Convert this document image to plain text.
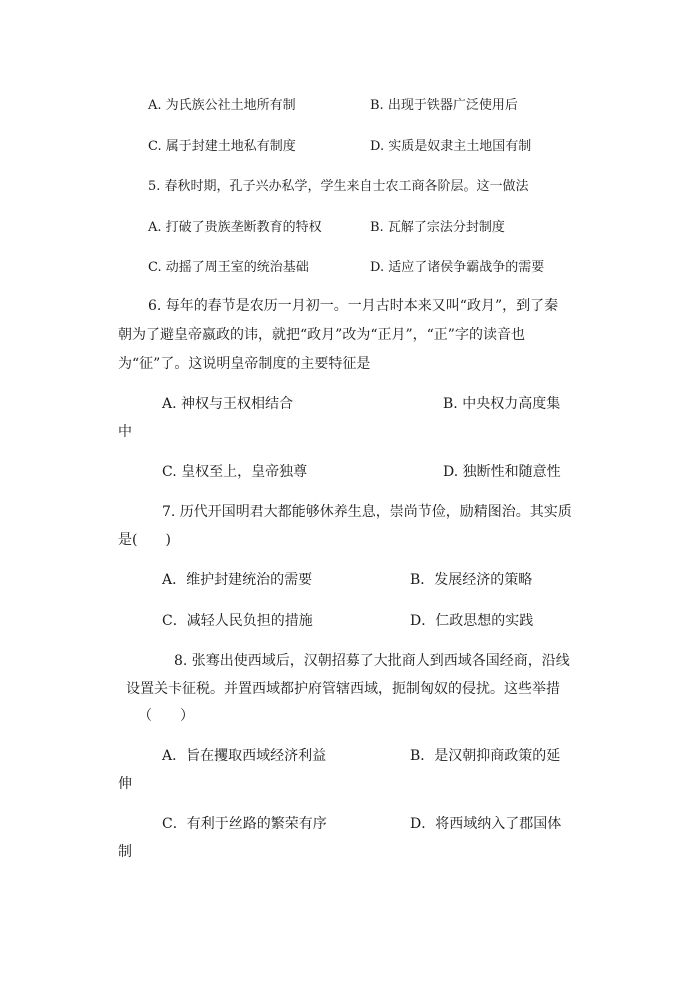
A. 为氏族公社土地所有制	B. 出现于铁器广泛使用后
C. 属于封建土地私有制度	D. 实质是奴隶主土地国有制
5. 春秋时期，孔子兴办私学，学生来自士农工商各阶层。这一做法
A. 打破了贵族垄断教育的特权	B. 瓦解了宗法分封制度
C. 动摇了周王室的统治基础	D. 适应了诸侯争霸战争的需要
6. 每年的春节是农历一月初一。一月古时本来又叫“政月”，到了秦
朝为了避皇帝嬴政的讳，就把“政月”改为“正月”，“正”字的读音也
为“征”了。这说明皇帝制度的主要特征是
A. 神权与王权相结合	B. 中央权力高度集
中
C. 皇权至上，皇帝独尊	D. 独断性和随意性
7. 历代开国明君大都能够休养生息，崇尚节俭，励精图治。其实质
是(　　)
A．维护封建统治的需要	B．发展经济的策略
C．减轻人民负担的措施	D．仁政思想的实践
8. 张骞出使西域后，汉朝招募了大批商人到西域各国经商，沿线
设置关卡征税。并置西域都护府管辖西域，扼制匈奴的侵扰。这些举措
（　　）
A．旨在攫取西域经济利益	B．是汉朝抑商政策的延
伸
C．有利于丝路的繁荣有序	D．将西域纳入了郡国体
制
